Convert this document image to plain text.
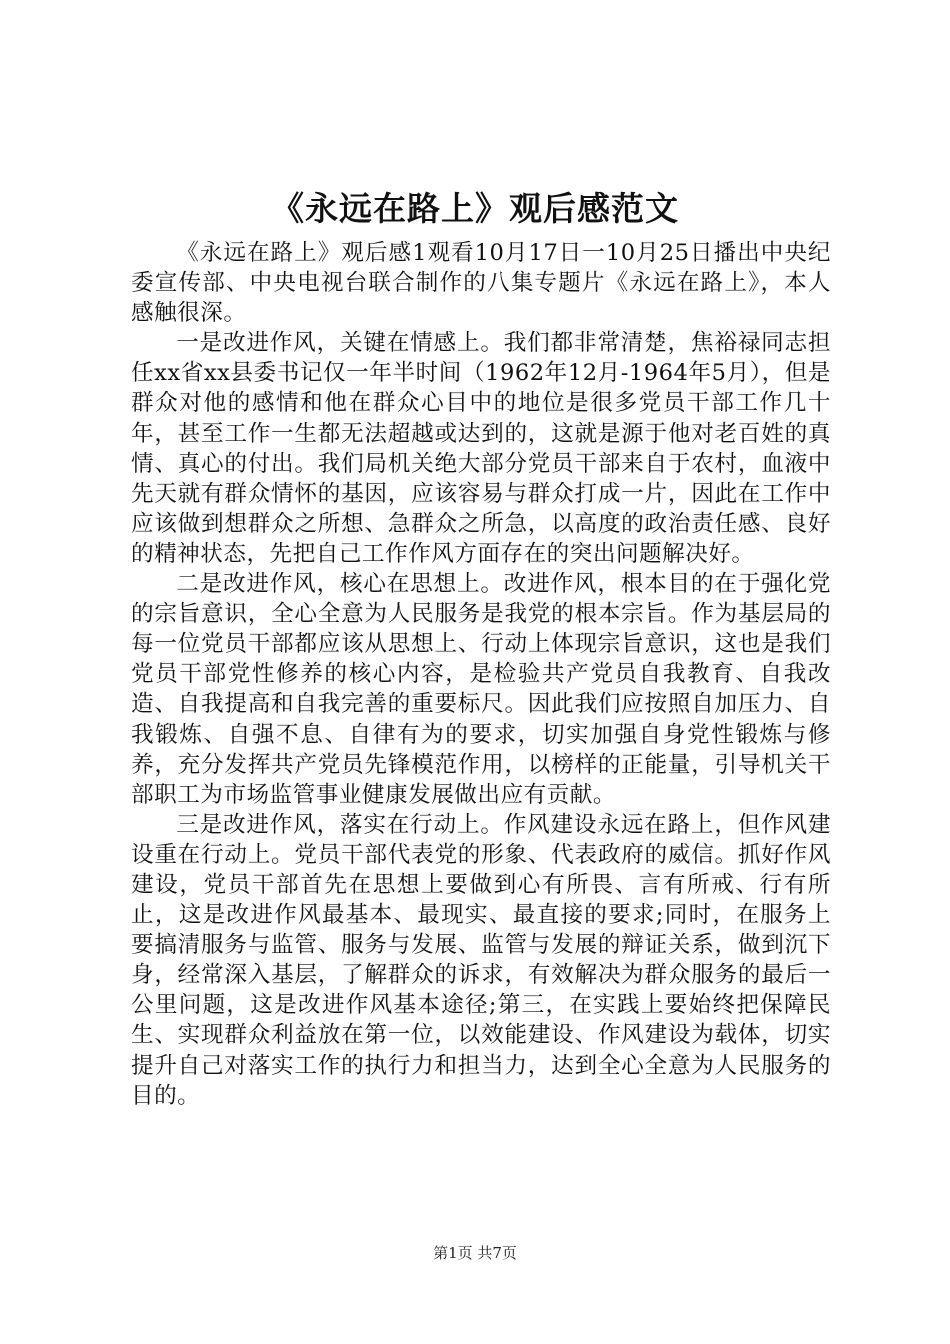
《永远在路上》观后感范文

《永远在路上》观后感1观看10月17日一10月25日播出中央纪委宣传部、中央电视台联合制作的八集专题片《永远在路上》，本人感触很深。

一是改进作风，关键在情感上。我们都非常清楚，焦裕禄同志担任xx省xx县委书记仅一年半时间（1962年12月-1964年5月），但是群众对他的感情和他在群众心目中的地位是很多党员干部工作几十年，甚至工作一生都无法超越或达到的，这就是源于他对老百姓的真情、真心的付出。我们局机关绝大部分党员干部来自于农村，血液中先天就有群众情怀的基因，应该容易与群众打成一片，因此在工作中应该做到想群众之所想、急群众之所急，以高度的政治责任感、良好的精神状态，先把自己工作作风方面存在的突出问题解决好。

二是改进作风，核心在思想上。改进作风，根本目的在于强化党的宗旨意识，全心全意为人民服务是我党的根本宗旨。作为基层局的每一位党员干部都应该从思想上、行动上体现宗旨意识，这也是我们党员干部党性修养的核心内容，是检验共产党员自我教育、自我改造、自我提高和自我完善的重要标尺。因此我们应按照自加压力、自我锻炼、自强不息、自律有为的要求，切实加强自身党性锻炼与修养，充分发挥共产党员先锋模范作用，以榜样的正能量，引导机关干部职工为市场监管事业健康发展做出应有贡献。

三是改进作风，落实在行动上。作风建设永远在路上，但作风建设重在行动上。党员干部代表党的形象、代表政府的威信。抓好作风建设，党员干部首先在思想上要做到心有所畏、言有所戒、行有所止，这是改进作风最基本、最现实、最直接的要求;同时，在服务上要搞清服务与监管、服务与发展、监管与发展的辩证关系，做到沉下身，经常深入基层，了解群众的诉求，有效解决为群众服务的最后一公里问题，这是改进作风基本途径;第三，在实践上要始终把保障民生、实现群众利益放在第一位，以效能建设、作风建设为载体，切实提升自己对落实工作的执行力和担当力，达到全心全意为人民服务的目的。

第1页 共7页
